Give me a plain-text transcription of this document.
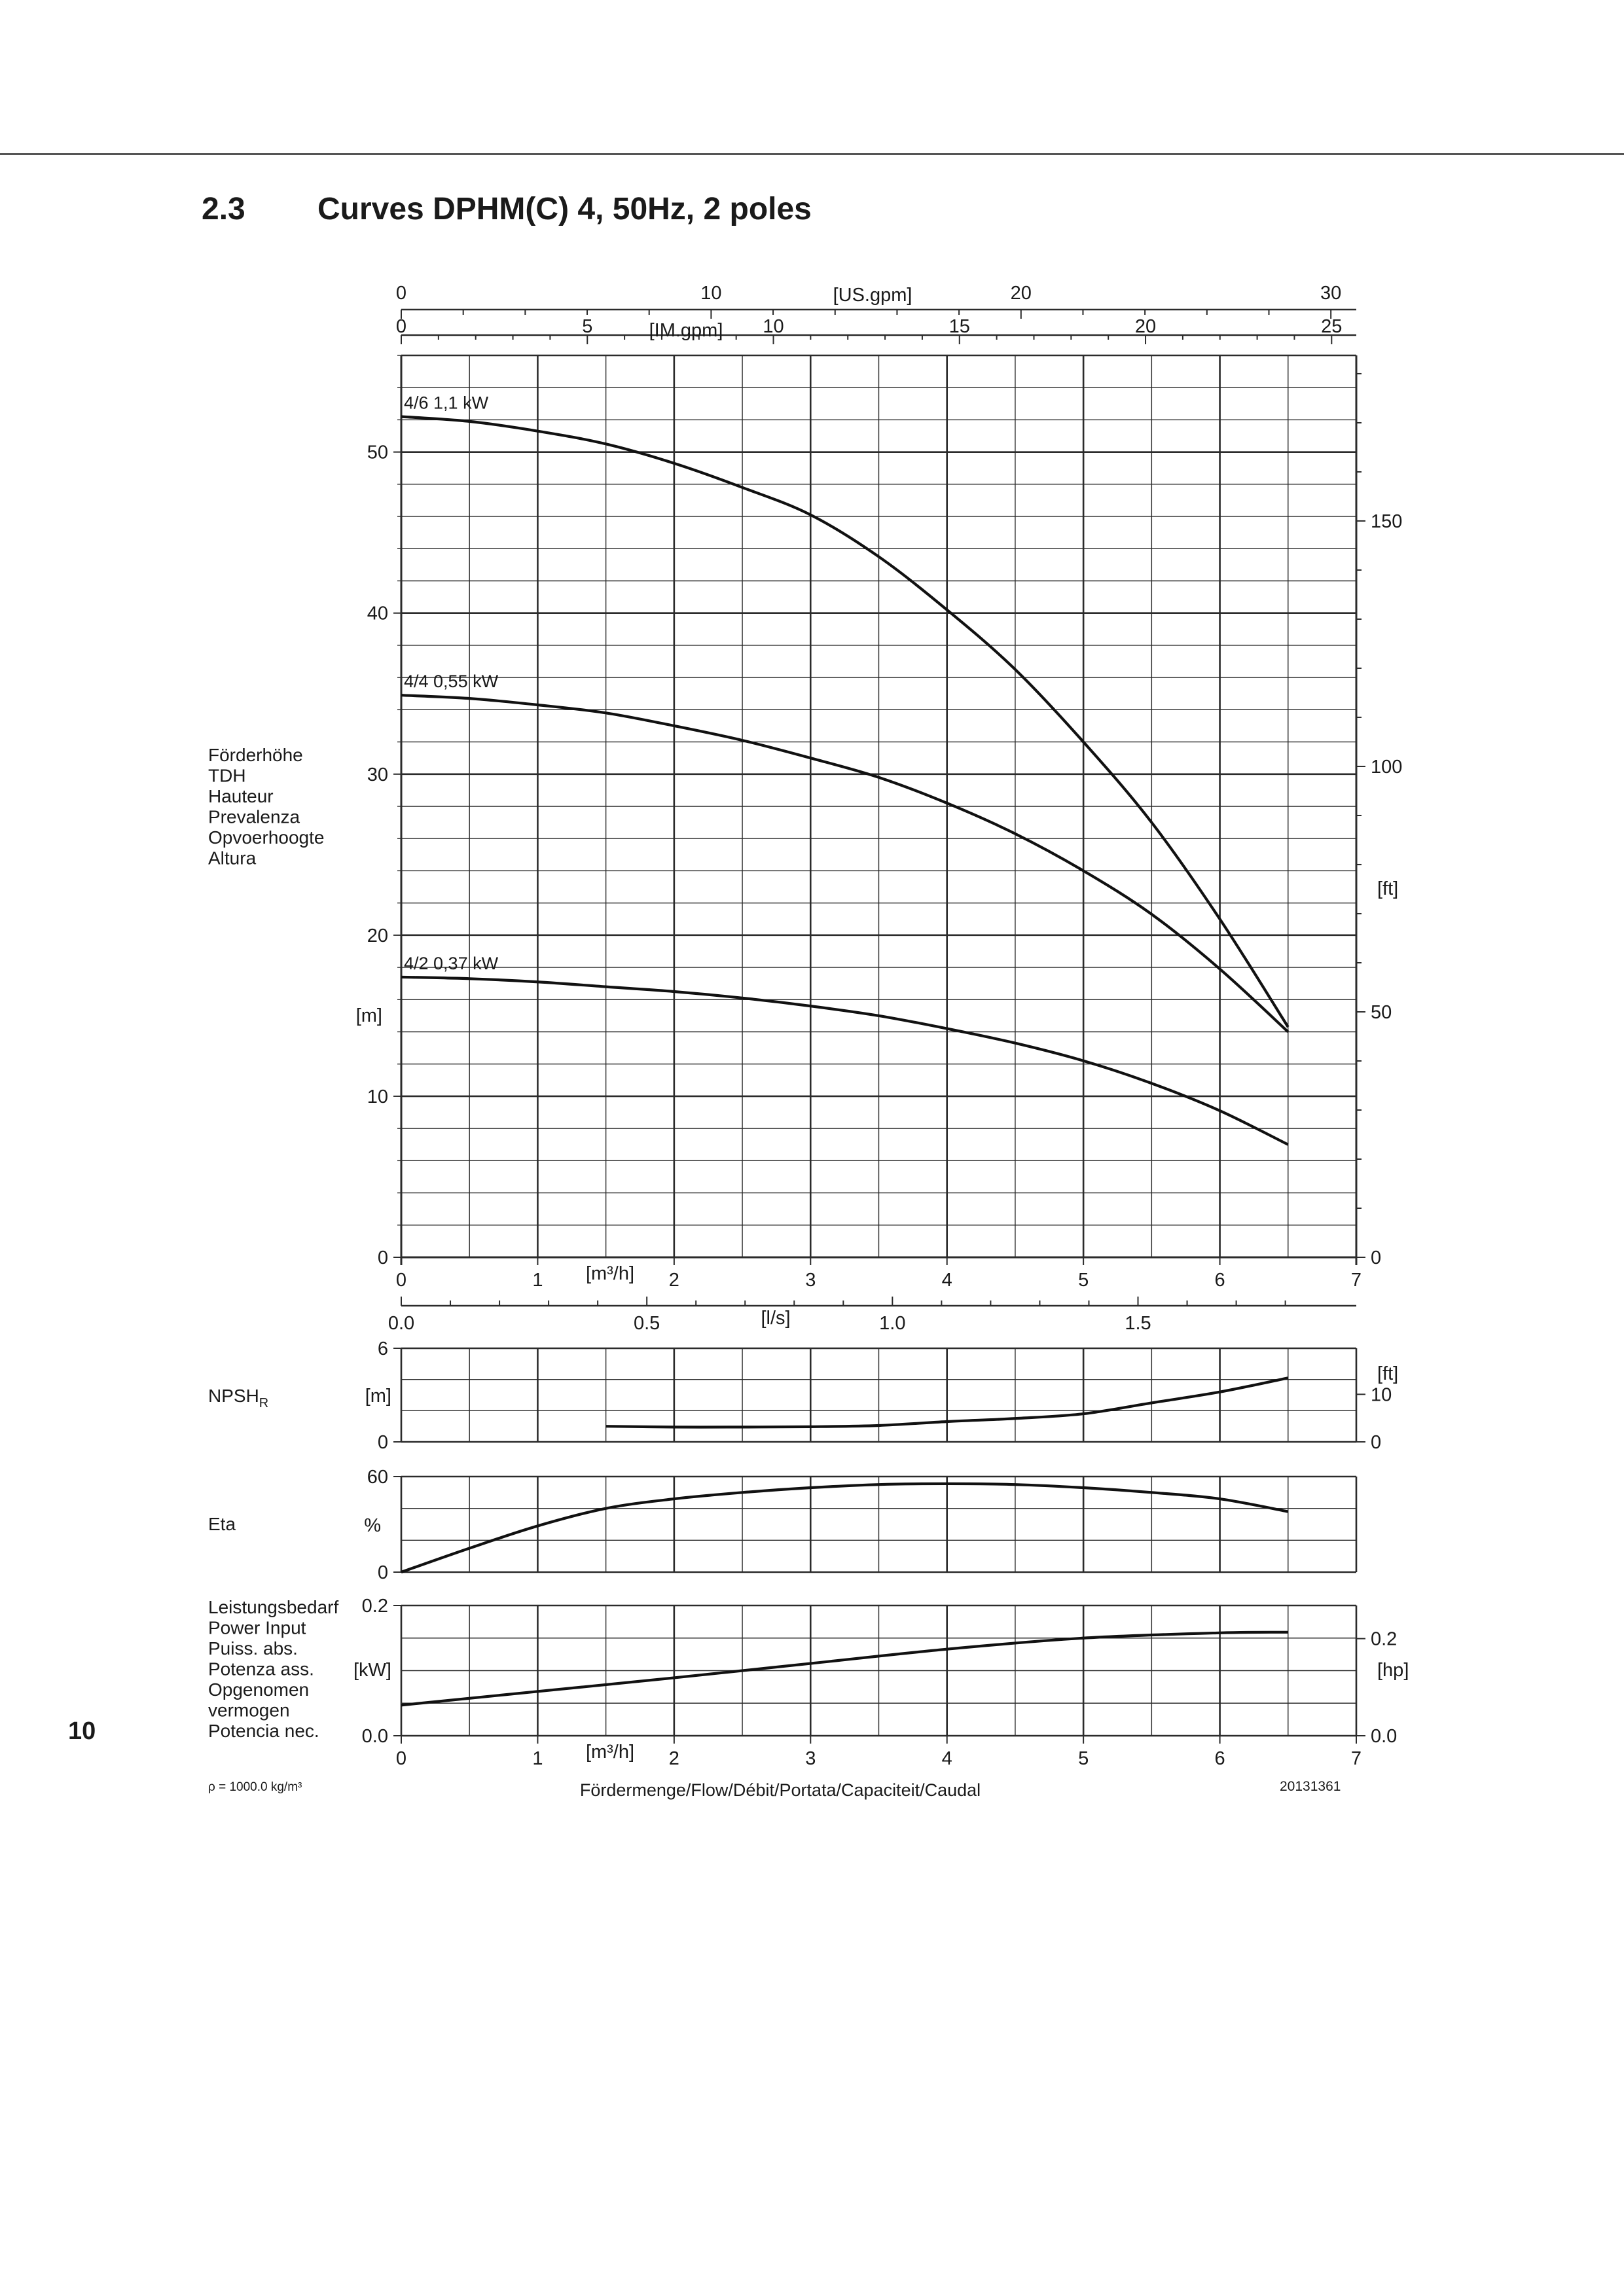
2.3 Curves DPHM(C) 4, 50Hz, 2 poles
10
ρ = 1000.0 kg/m³	20131361
Fördermenge/Flow/Débit/Portata/Capaciteit/Caudal
0
10
20
30
40
50
0
50
100
150
[ft]
[m]
Förderhöhe
TDH
Hauteur
Prevalenza
Opvoerhoogte
Altura
0	1	2	3	4	5	6	7
[m³/h]
0	10	20	30
[US.gpm]
0	5	10	15	20	25
[IM.gpm]
4/6 1,1 kW
4/4 0,55 kW
4/2 0,37 kW
0.0	0.5	1.0	1.5
[l/s]
0
6
0
10
[ft]
[m]
$NPSH_R$
0
60
%
Eta
0.0
0.2
0.0
0.2
[hp]
[kW]
Leistungsbedarf
Power Input
Puiss. abs.
Potenza ass.
Opgenomen
vermogen
Potencia nec.
0	1	2	3	4	5	6	7
[m³/h]
